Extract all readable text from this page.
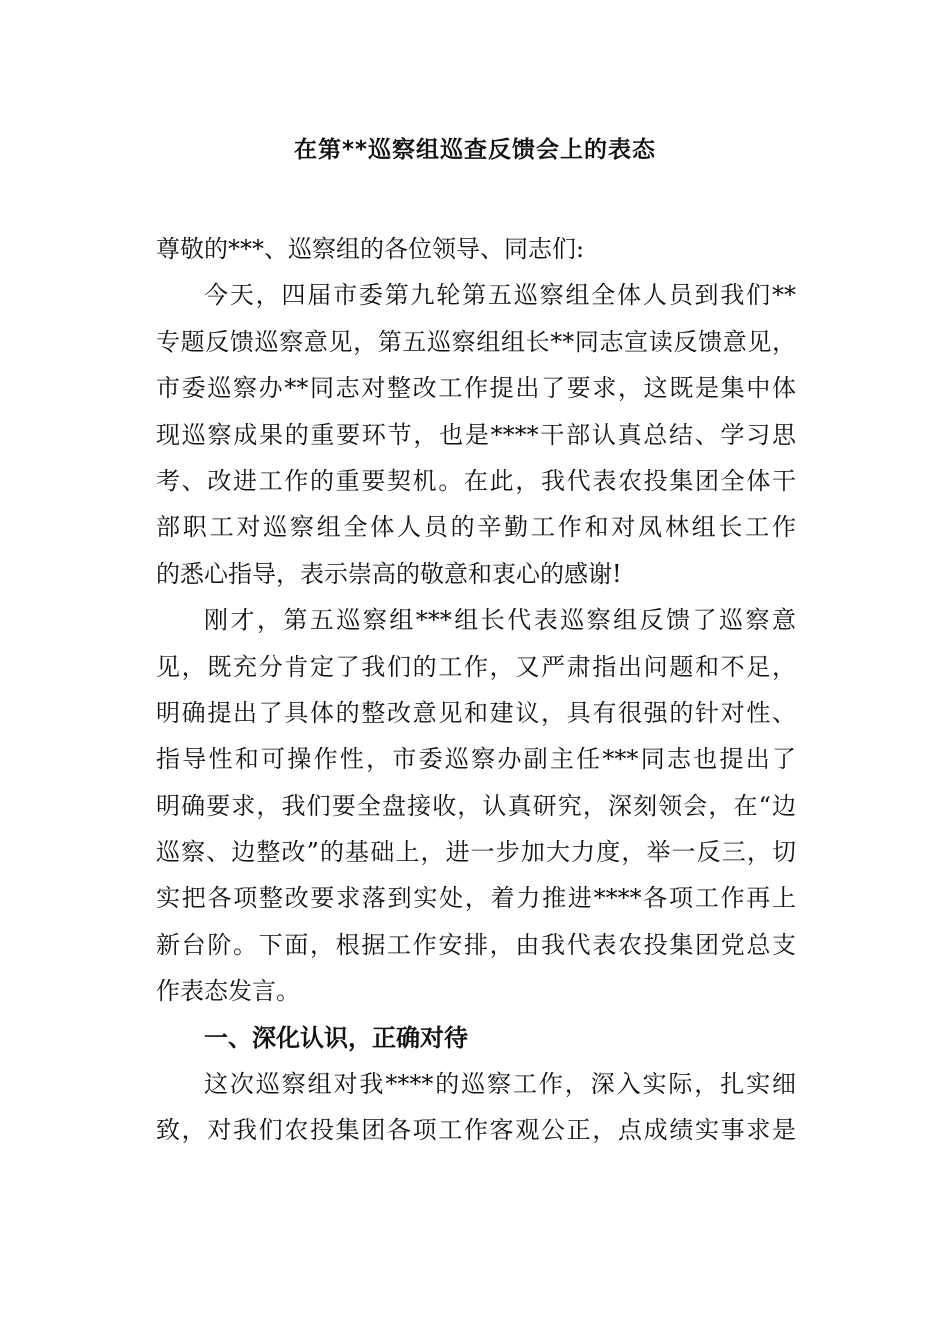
在第**巡察组巡查反馈会上的表态
尊敬的***、巡察组的各位领导、同志们:
今天，四届市委第九轮第五巡察组全体人员到我们**
专题反馈巡察意见，第五巡察组组长**同志宣读反馈意见，
市委巡察办**同志对整改工作提出了要求，这既是集中体
现巡察成果的重要环节，也是****干部认真总结、学习思
考、改进工作的重要契机。在此，我代表农投集团全体干
部职工对巡察组全体人员的辛勤工作和对凤林组长工作
的悉心指导，表示崇高的敬意和衷心的感谢!
刚才，第五巡察组***组长代表巡察组反馈了巡察意
见，既充分肯定了我们的工作，又严肃指出问题和不足，
明确提出了具体的整改意见和建议，具有很强的针对性、
指导性和可操作性，市委巡察办副主任***同志也提出了
明确要求，我们要全盘接收，认真研究，深刻领会，在“边
巡察、边整改”的基础上，进一步加大力度，举一反三，切
实把各项整改要求落到实处，着力推进****各项工作再上
新台阶。下面，根据工作安排，由我代表农投集团党总支
作表态发言。
一、深化认识，正确对待
这次巡察组对我****的巡察工作，深入实际，扎实细
致，对我们农投集团各项工作客观公正，点成绩实事求是
